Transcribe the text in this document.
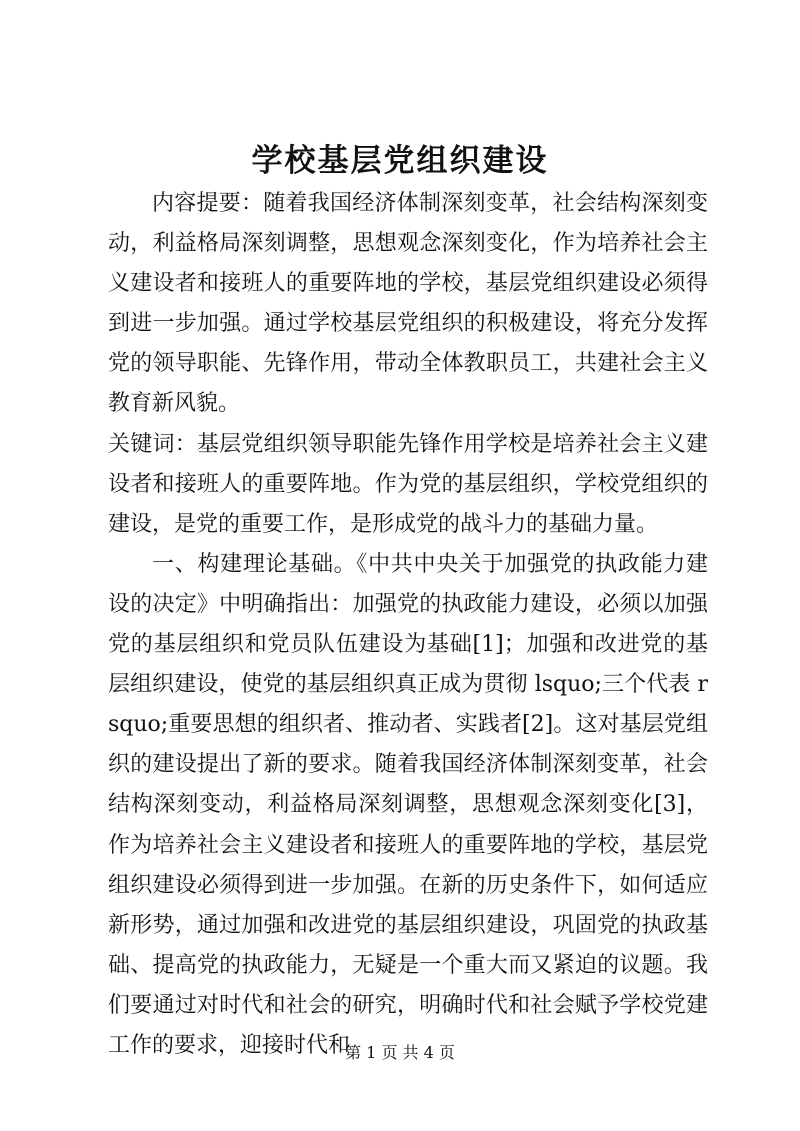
学校基层党组织建设

内容提要：随着我国经济体制深刻变革，社会结构深刻变动，利益格局深刻调整，思想观念深刻变化，作为培养社会主义建设者和接班人的重要阵地的学校，基层党组织建设必须得到进一步加强。通过学校基层党组织的积极建设，将充分发挥党的领导职能、先锋作用，带动全体教职员工，共建社会主义教育新风貌。

关键词：基层党组织领导职能先锋作用学校是培养社会主义建设者和接班人的重要阵地。作为党的基层组织，学校党组织的建设，是党的重要工作，是形成党的战斗力的基础力量。

一、构建理论基础。《中共中央关于加强党的执政能力建设的决定》中明确指出：加强党的执政能力建设，必须以加强党的基层组织和党员队伍建设为基础[1]；加强和改进党的基层组织建设，使党的基层组织真正成为贯彻 lsquo;三个代表 rsquo;重要思想的组织者、推动者、实践者[2]。这对基层党组织的建设提出了新的要求。随着我国经济体制深刻变革，社会结构深刻变动，利益格局深刻调整，思想观念深刻变化[3]，作为培养社会主义建设者和接班人的重要阵地的学校，基层党组织建设必须得到进一步加强。在新的历史条件下，如何适应新形势，通过加强和改进党的基层组织建设，巩固党的执政基础、提高党的执政能力，无疑是一个重大而又紧迫的议题。我们要通过对时代和社会的研究，明确时代和社会赋予学校党建工作的要求，迎接时代和

第 1 页 共 4 页
